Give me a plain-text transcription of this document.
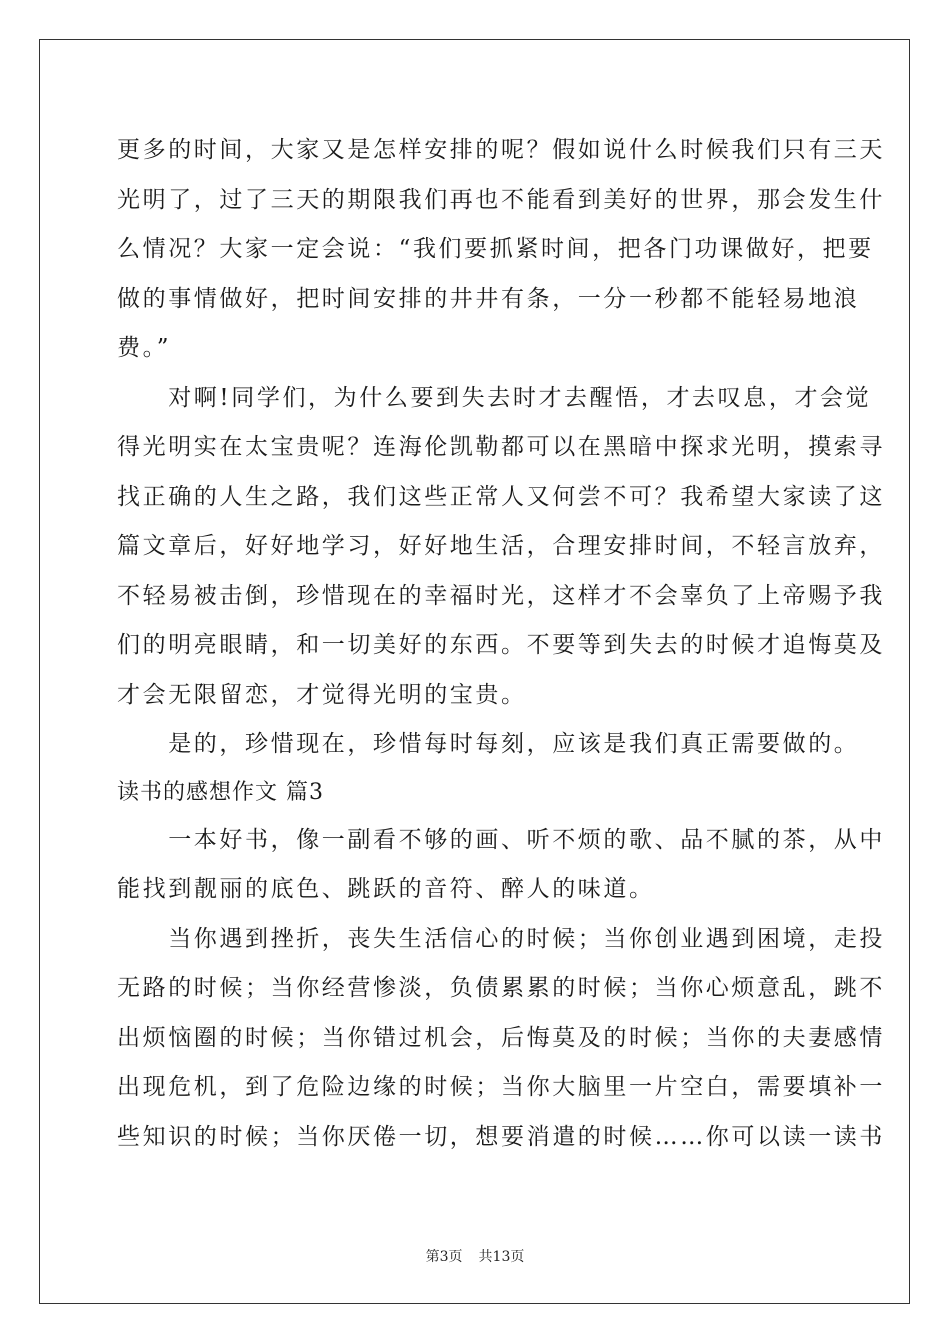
更多的时间，大家又是怎样安排的呢？假如说什么时候我们只有三天
光明了，过了三天的期限我们再也不能看到美好的世界，那会发生什
么情况？大家一定会说：“我们要抓紧时间，把各门功课做好，把要
做的事情做好，把时间安排的井井有条，一分一秒都不能轻易地浪
费。”
　　对啊!同学们，为什么要到失去时才去醒悟，才去叹息，才会觉
得光明实在太宝贵呢？连海伦凯勒都可以在黑暗中探求光明，摸索寻
找正确的人生之路，我们这些正常人又何尝不可？我希望大家读了这
篇文章后，好好地学习，好好地生活，合理安排时间，不轻言放弃，
不轻易被击倒，珍惜现在的幸福时光，这样才不会辜负了上帝赐予我
们的明亮眼睛，和一切美好的东西。不要等到失去的时候才追悔莫及
才会无限留恋，才觉得光明的宝贵。
　　是的，珍惜现在，珍惜每时每刻，应该是我们真正需要做的。
读书的感想作文 篇3
　　一本好书，像一副看不够的画、听不烦的歌、品不腻的茶，从中
能找到靓丽的底色、跳跃的音符、醉人的味道。
　　当你遇到挫折，丧失生活信心的时候；当你创业遇到困境，走投
无路的时候；当你经营惨淡，负债累累的时候；当你心烦意乱，跳不
出烦恼圈的时候；当你错过机会，后悔莫及的时候；当你的夫妻感情
出现危机，到了危险边缘的时候；当你大脑里一片空白，需要填补一
些知识的时候；当你厌倦一切，想要消遣的时候……你可以读一读书
第3页 共13页
